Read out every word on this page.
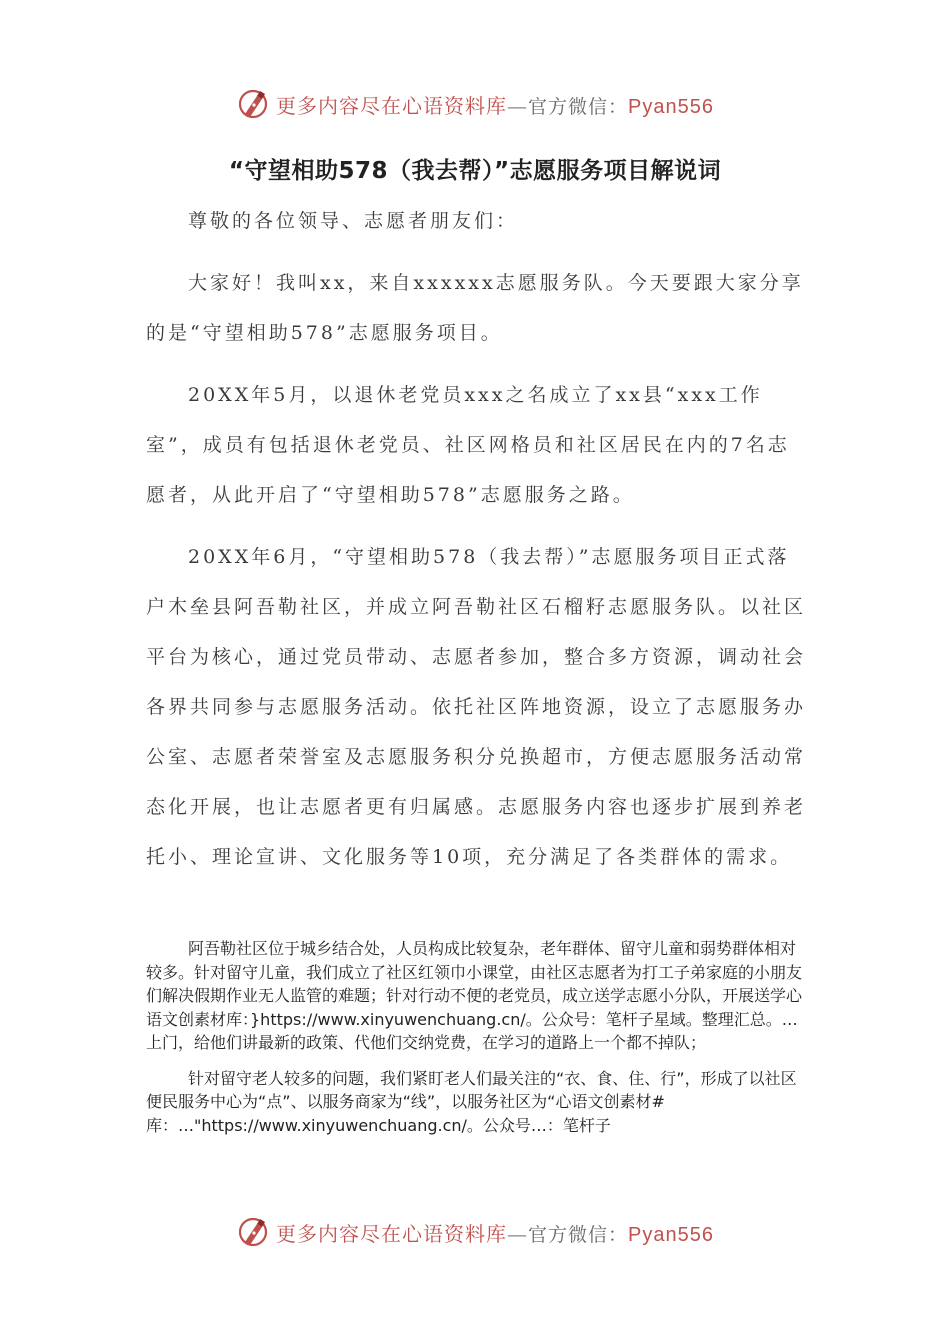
更多内容尽在心语资料库—官方微信：Pyan556
“守望相助578（我去帮）”志愿服务项目解说词

尊敬的各位领导、志愿者朋友们：

大家好！我叫xx，来自xxxxxx志愿服务队。今天要跟大家分享的是“守望相助578”志愿服务项目。

20XX年5月，以退休老党员xxx之名成立了xx县“xxx工作室”，成员有包括退休老党员、社区网格员和社区居民在内的7名志愿者，从此开启了“守望相助578”志愿服务之路。

20XX年6月，“守望相助578（我去帮）”志愿服务项目正式落户木垒县阿吾勒社区，并成立阿吾勒社区石榴籽志愿服务队。以社区平台为核心，通过党员带动、志愿者参加，整合多方资源，调动社会各界共同参与志愿服务活动。依托社区阵地资源，设立了志愿服务办公室、志愿者荣誉室及志愿服务积分兑换超市，方便志愿服务活动常态化开展，也让志愿者更有归属感。志愿服务内容也逐步扩展到养老托小、理论宣讲、文化服务等10项，充分满足了各类群体的需求。

阿吾勒社区位于城乡结合处，人员构成比较复杂，老年群体、留守儿童和弱势群体相对较多。针对留守儿童，我们成立了社区红领巾小课堂，由社区志愿者为打工子弟家庭的小朋友们解决假期作业无人监管的难题；针对行动不便的老党员，成立送学志愿小分队，开展送学心语文创素材库：}https://www.xinyuwenchuang.cn/。公众号：笔杆子星域。整理汇总。…上门，给他们讲最新的政策、代他们交纳党费，在学习的道路上一个都不掉队；

针对留守老人较多的问题，我们紧盯老人们最关注的“衣、食、住、行”，形成了以社区便民服务中心为“点”、以服务商家为“线”，以服务社区为“心语文创素材#库：…"https://www.xinyuwenchuang.cn/。公众号…：笔杆子

更多内容尽在心语资料库—官方微信：Pyan556
